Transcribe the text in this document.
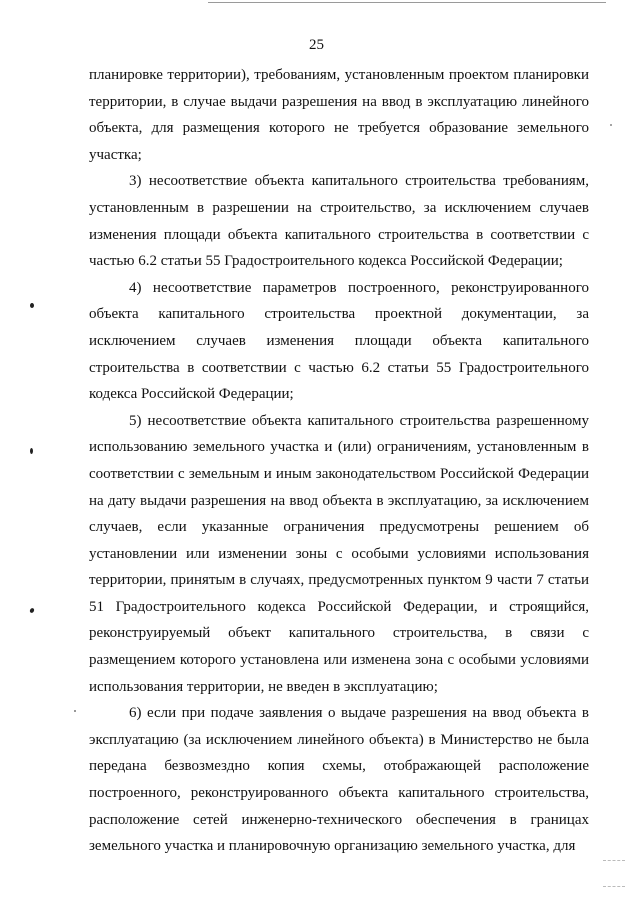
25

планировке территории), требованиям, установленным проектом планировки территории, в случае выдачи разрешения на ввод в эксплуатацию линейного объекта, для размещения которого не требуется образование земельного участка;

3) несоответствие объекта капитального строительства требованиям, установленным в разрешении на строительство, за исключением случаев изменения площади объекта капитального строительства в соответствии с частью 6.2 статьи 55 Градостроительного кодекса Российской Федерации;

4) несоответствие параметров построенного, реконструированного объекта капитального строительства проектной документации, за исключением случаев изменения площади объекта капитального строительства в соответствии с частью 6.2 статьи 55 Градостроительного кодекса Российской Федерации;

5) несоответствие объекта капитального строительства разрешенному использованию земельного участка и (или) ограничениям, установленным в соответствии с земельным и иным законодательством Российской Федерации на дату выдачи разрешения на ввод объекта в эксплуатацию, за исключением случаев, если указанные ограничения предусмотрены решением об установлении или изменении зоны с особыми условиями использования территории, принятым в случаях, предусмотренных пунктом 9 части 7 статьи 51 Градостроительного кодекса Российской Федерации, и строящийся, реконструируемый объект капитального строительства, в связи с размещением которого установлена или изменена зона с особыми условиями использования территории, не введен в эксплуатацию;

6) если при подаче заявления о выдаче разрешения на ввод объекта в эксплуатацию (за исключением линейного объекта) в Министерство не была передана безвозмездно копия схемы, отображающей расположение построенного, реконструированного объекта капитального строительства, расположение сетей инженерно-технического обеспечения в границах земельного участка и планировочную организацию земельного участка, для
